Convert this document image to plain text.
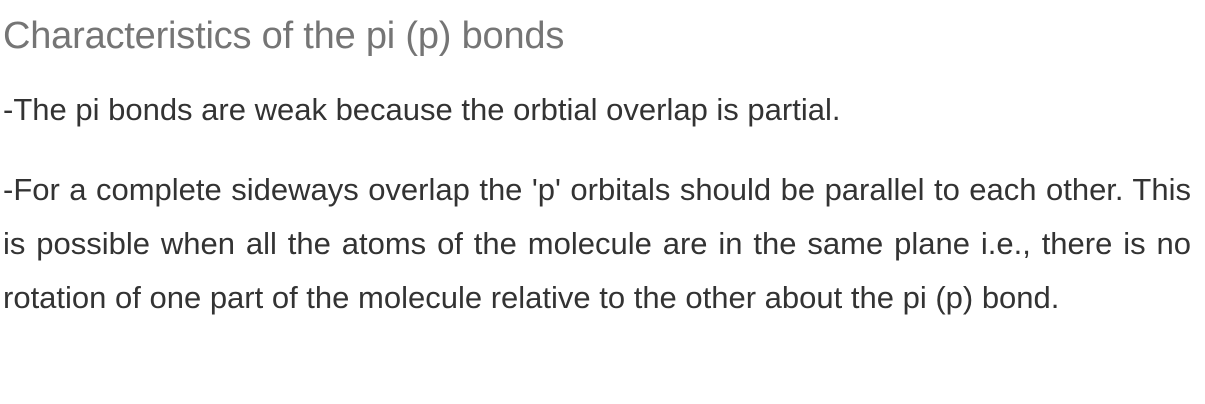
Characteristics of the pi (p) bonds

-The pi bonds are weak because the orbtial overlap is partial.

-For a complete sideways overlap the 'p' orbitals should be parallel to each other. This is possible when all the atoms of the molecule are in the same plane i.e., there is no rotation of one part of the molecule relative to the other about the pi (p) bond.
